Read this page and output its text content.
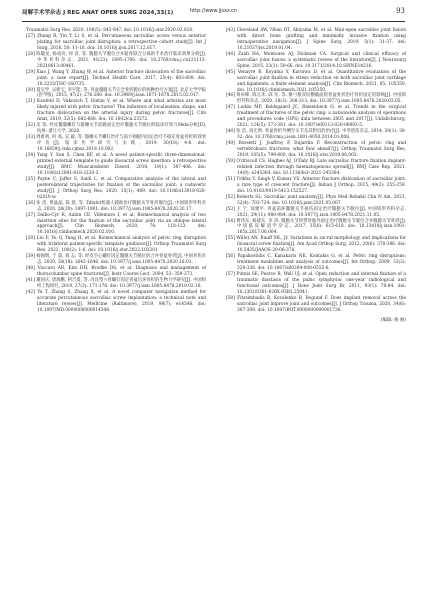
局解手术学杂志 J REG ANAT OPER SURG 2024,33(1)	http://www.jjsxz.cn	93

Traumatol Surg Res, 2020, 106(5): 845-847. doi: 10.1016/j.otsr.2020.02.016.

[27] Zhang R, Yin Y, Li S, et al. Percutaneous sacroiliac screw versus anterior plating for sacroiliac joint disruption: a retrospective cohort study[J]. Int J Surg, 2018, 50: 11-16. doi: 10.1016/j.ijsu.2017.12.017.

[28] 陈敏龙, 杨成亮, 何 苗, 等. 髋臆关节脱位合并耻骨联合分离的手术治疗临床效果分析[J]. 中华骨科杂志, 2021, 41(23): 1695-1700. doi: 10.3760/cma.j.cn121113-20210613-00461.

[29] Xiao J, Wang Y, Zhang W, et al. Anterior fracture dislocation of the sacroiliac joint: a case report[J]. Technol Health Care, 2017, 25(4): 803-808. doi: 10.3233/THC-160735.

[30] 夏宝学, 吴新宝, 李宇能, 等. 骨盆髋臆关节完全骨折脱位的两种治疗方案[J]. 北京大学学报(医学版), 2015, 47(2): 276-280. doi: 10.3969/j.issn.1671-167X.2015.02.017.

[31] Kaufeld D, Vukovich T, Dietze V, et al. Where and what arteries are most likely injured with pelvic fractures? The influence of localization, shape, and fracture dislocation on the arterial injury during pelvic fractures[J]. Clin Anat, 2019, 32(5): 682-688. doi: 10.1002/ca.23372.

[32] 吴 鉴. 经皮骶髋螺钉与髂腰关节前路固定治疗髋臆关节脱位的临床疗效与Meta分析[D]. 杭州: 浙江大学, 2020.

[33] 周新鸡, 何 高, 吴 毅, 等. 髂腰关节螺钉治疗与前方钢板内固定治疗不稳定骨盆骨折的效果评价[J]. 临床医学研究与实践, 2019, 30(10): 4-6. doi: 10.16859/j.cnki.cjmsz.2019.10.002.

[34] Yang Y, Sun S, Chen KF, et al. A novel patient-specific three-dimensional-printed external template to guide iliosacral screw insertion: a retrospective study[J]. BMC Musculoskelet Disord, 2018, 19(1): 397-406. doi: 10.1186/s12891-018-2320-3.

[35] Payne C, Jaffer S, Saidi L, et al. Comparative analysis of the lateral and posterolateral trajectories for fixation of the sacroiliac joint: a cadaveric study[J]. J Orthop Surg Res, 2020, 15(1): 489. doi: 10.1186/s13018-020-02010-w.

[36] 张 清, 黄晶晶, 陈 煜, 等. Tiltsfot机器人辅助治疗髋臆关节骨折脱位[J]. 中国矫形外科杂志, 2020, 28(20): 1897-1901. doi: 10.3977/j.issn.1005-8478.2020.20.17.

[37] Dalbo-Cyr R, Aubin CE, Villemure I, et al. Biomechanical analysis of two insertion sites for the fixation of the sacroiliac joint via an oblique lateral approach[J]. Clin Biomech, 2020, 74: 118-123. doi: 10.1016/j.clinbiomech.2020.02.010.

[38] Liu F, Yu Q, Yang H, et al. Biomechanical analysis of pelvic ring disruption with trilateral patient-specific template guidance[J]. Orthop Traumatol Surg Res, 2022, 108(2): 1-6. doi: 10.1016/j.otsr.2022.103201.

[39] 杨锡明, 于 震, 刘 志, 等. 经皮空心螺钉固定髋臆关节脱位的合并骨盆骨折[J]. 中国骨伤杂志, 2020, 28(18): 1642-1646. doi: 10.3977/j.issn.1005-8478.2020.18.03.

[40] Vaccaro AR, Kim DH, Brodke DS, et al. Diagnosis and management of thoracolumbar spine fractures[J]. Instr Course Lect, 2004, 53: 359-373.

[41] 谢国庆, 唐海鹏, 阿吉提, 等. 改良型六骨螺钉固定骨盆后环骨折的生物力学研究[J]. 中国组织工程研究, 2019, 27(3): 171-176. doi: 10.3977/j.issn.1005-8478.2019.02.16.

[42] Yu T, Zhang S, Zhang X, et al. A novel computer navigation method for accurate percutaneous sacroiliac screw implantation: a technical note and literature review[J]. Medicine (Baltimore), 2019, 98(7): e14548. doi: 10.1097/MD.0000000000014548.

[43] Cleveland AW, Nhan DT, Akiyama M, et al. Mini-open sacroiliac joint fusion with direct bone grafting and minimally invasive fixation using intraoperative navigation[J]. J Spine Surg, 2019, 5(1): 31-37. doi: 10.21037/jss.2019.01.04.

[44] Zaidi HA, Montoure AJ, Dickman CA. Surgical and clinical efficacy of sacroiliac joint fusion: a systematic review of the literature[J]. J Neurosurg Spine, 2015, 23(1): 59-66. doi: 10.3171/2014.10.SPINE14516.

[45] Venayre B, Koyama Y, Kuroiwa D, et al. Quantitative evaluation of the sacroiliac joint fixation in stress reduction on both sacroiliac joint cartilage and ligaments: a finite element analysis[J]. Clin Biomech, 2021, 85: 105350. doi: 10.1016/j.clinbiomech.2021.105350.

[46] 黄卓峰, 陈元禾, 邱 军, 等. 椎弓根双向横截面的骨盆骨折治疗骨折固定的影响[J]. 中国矫形外科杂志, 2020, 28(3): 308-313. doi: 10.3977/j.issn.1005-8478.2020.03.05.

[47] Loddo MF, Keldsgaard JC, Riesenbeck O, et al. Trends in the surgical treatment of fractures of the pelvic ring: a nationwide analysis of operations and procedures code (OPS) data between 2005 and 2017[J]. Unfallchirurg, 2021, 124(5): 373-381. doi: 10.1007/s00113-020-00893-5.

[48] 张 浩, 高宏明. 骨盆骨折外侧至关节及其附近的治疗[J]. 中华创伤杂志, 2014, 30(1): 30-32. doi: 10.3760/cma.j.issn.1001-8050.2014.01.008.

[49] Rossetti J, Jouffroy P, Dujardin F. Reconstruction of pelvic ring and vertebrobasic fractures: what flow ahead?[J]. Orthop Traumatol Surg Res, 2019, 105(5): 799-800. doi: 10.1016/j.otsr.2019.06.002.

[50] O'driscoll CS, Hughes AJ, O'Daly BJ. Late sacroiliac fracture fixation implant-related infection through haematogenous spread[J]. BMJ Case Rep, 2021, 14(9): e245364. doi: 10.1136/bcr-2021-245364.

[51] Trikha V, Singh V, Kumar VS. Anterior fracture dislocation of sacroiliac joint: a rare type of crescent fracture[J]. Indian J Orthop, 2015, 49(2): 255-259. doi: 10.4103/0019-5413.152527.

[52] Roberts SL. Sacroiliac joint anatomy[J]. Phys Med Rehabil Clin N Am, 2021, 32(4): 703-724. doi: 10.1016/j.pmr.2021.05.007.

[53] 王 宁, 涂建平. 骨盆前环髋臆关节损伤固定治疗髋臆关节脱位[J]. 中国矫形外科杂志, 2021, 29(11): 980-984. doi: 10.3977/j.issn.1005-8478.2021.11.05.

[54] 黄伟东, 杨建东, 李 涛. 髋臆关节韧带骨瓶外固定治疗髋臆关节脱位合并髋臆关节骨折[J]. 中国临床解剖学杂志, 2017, 35(6): 615-618. doi: 10.13418/j.issn.1001-165x.2017.06.004.

[55] Willot AN, Rauff ML, Jr. Variations in sacral morphology and implications for iliosacral screw fixation[J]. Am Acad Orthop Surg, 2012, 20(6): 378-386. doi: 10.5435/JAAOS-20-06-378.

[56] Papakostidis C, Kanakaris NK, Kontakis G, et al. Pelvic ring disruptions: treatment modalities and analysis of outcomes[J]. Int Orthop, 2009, 33(2): 329-338. doi: 10.1007/s00264-008-0555-6.

[57] Putnis SE, Pearce R, Wali UJ, et al. Open reduction and internal fixation of a traumatic diastasis of the pubic symphysis: one-year radiological and functional outcomes[J]. J Bone Joint Surg Br, 2011, 93(1): 78-84. doi: 10.1302/0301-620X.93B1.25041.

[58] Fitzsimbadis R, Kovalenko R, Bogund F. Does implant removal across the sacroiliac joint improve joint and outcomes[J]. J Orthop Trauma, 2020, 34(6): 307-309. doi: 10.1097/BOT.0000000000001730.

(编辑: 杨 丽)
